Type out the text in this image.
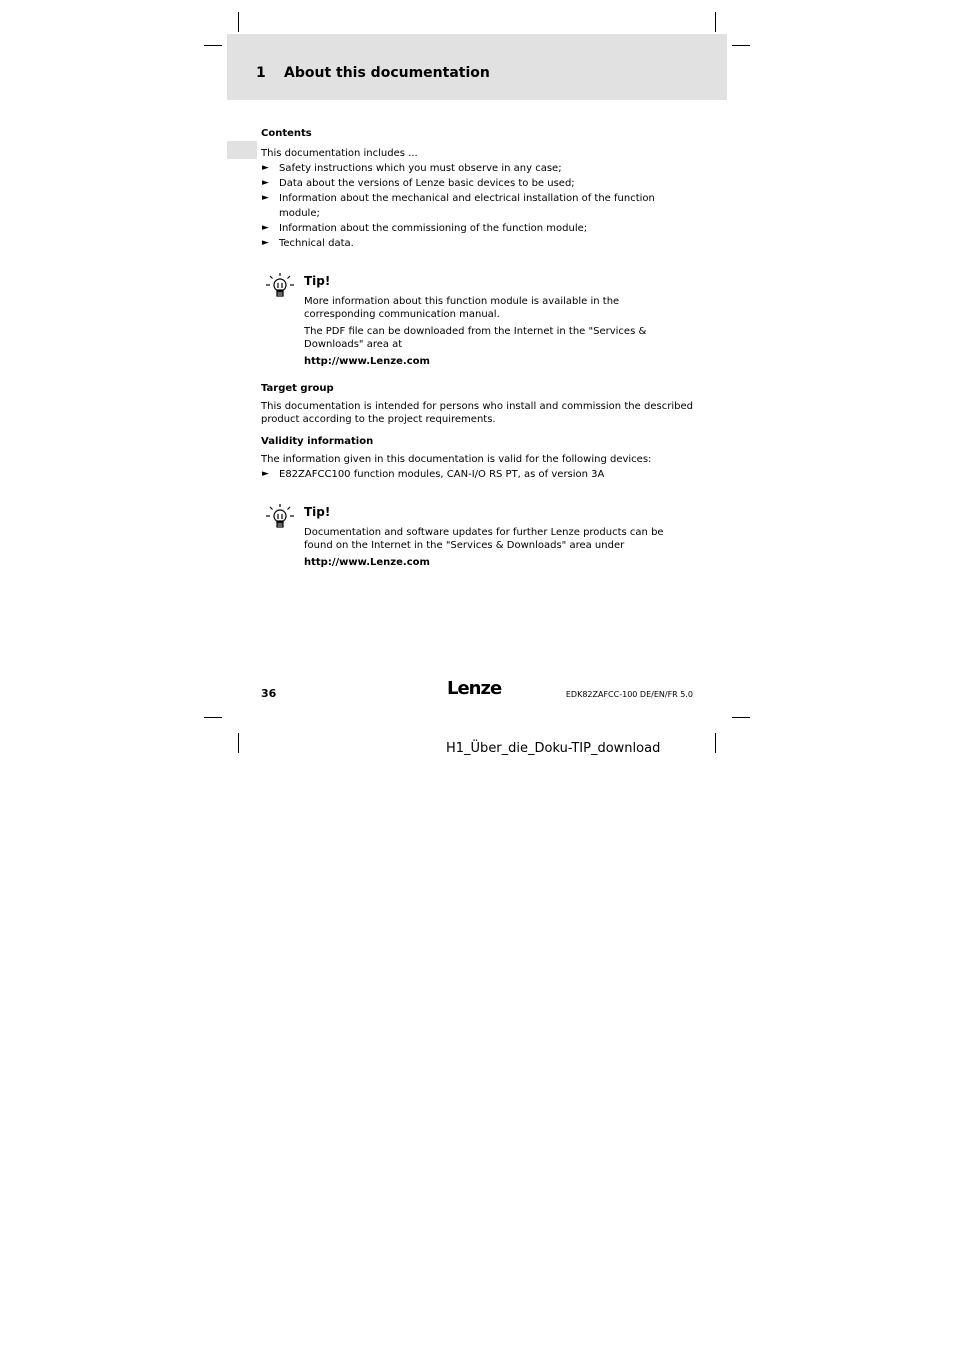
1 About this documentation

Contents

This documentation includes ...

► Safety instructions which you must observe in any case;
► Data about the versions of Lenze basic devices to be used;
► Information about the mechanical and electrical installation of the function module;
► Information about the commissioning of the function module;
► Technical data.

Tip!

More information about this function module is available in the corresponding communication manual.

The PDF file can be downloaded from the Internet in the "Services & Downloads" area at

http://www.Lenze.com

Target group

This documentation is intended for persons who install and commission the described product according to the project requirements.

Validity information

The information given in this documentation is valid for the following devices:

► E82ZAFCC100 function modules, CAN-I/O RS PT, as of version 3A

Tip!

Documentation and software updates for further Lenze products can be found on the Internet in the "Services & Downloads" area under

http://www.Lenze.com
36	Lenze	EDK82ZAFCC-100 DE/EN/FR 5.0
H1_Über_die_Doku-TIP_download
